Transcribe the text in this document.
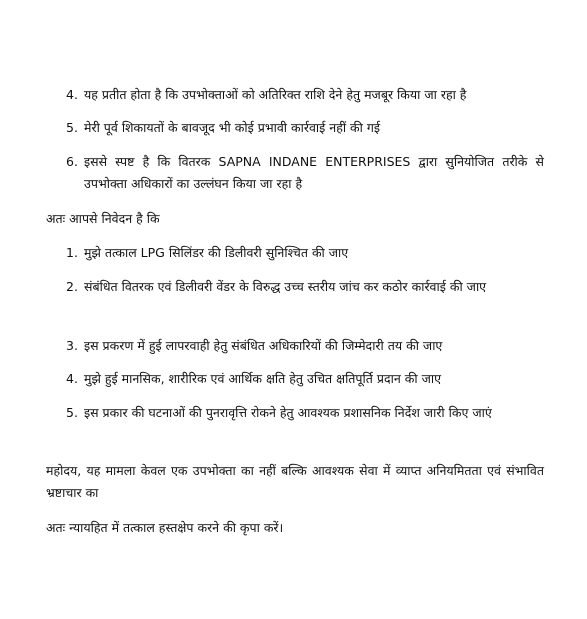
4. यह प्रतीत होता है कि उपभोक्ताओं को अतिरिक्त राशि देने हेतु मजबूर किया जा रहा है
5. मेरी पूर्व शिकायतों के बावजूद भी कोई प्रभावी कार्रवाई नहीं की गई
6. इससे स्पष्ट है कि वितरक SAPNA INDANE ENTERPRISES द्वारा सुनियोजित तरीके से उपभोक्ता अधिकारों का उल्लंघन किया जा रहा है
अतः आपसे निवेदन है कि
1. मुझे तत्काल LPG सिलिंडर की डिलीवरी सुनिश्चित की जाए
2. संबंधित वितरक एवं डिलीवरी वेंडर के विरुद्ध उच्च स्तरीय जांच कर कठोर कार्रवाई की जाए
3. इस प्रकरण में हुई लापरवाही हेतु संबंधित अधिकारियों की जिम्मेदारी तय की जाए
4. मुझे हुई मानसिक, शारीरिक एवं आर्थिक क्षति हेतु उचित क्षतिपूर्ति प्रदान की जाए
5. इस प्रकार की घटनाओं की पुनरावृत्ति रोकने हेतु आवश्यक प्रशासनिक निर्देश जारी किए जाएं
महोदय, यह मामला केवल एक उपभोक्ता का नहीं बल्कि आवश्यक सेवा में व्याप्त अनियमितता एवं संभावित भ्रष्टाचार का
अतः न्यायहित में तत्काल हस्तक्षेप करने की कृपा करें।
